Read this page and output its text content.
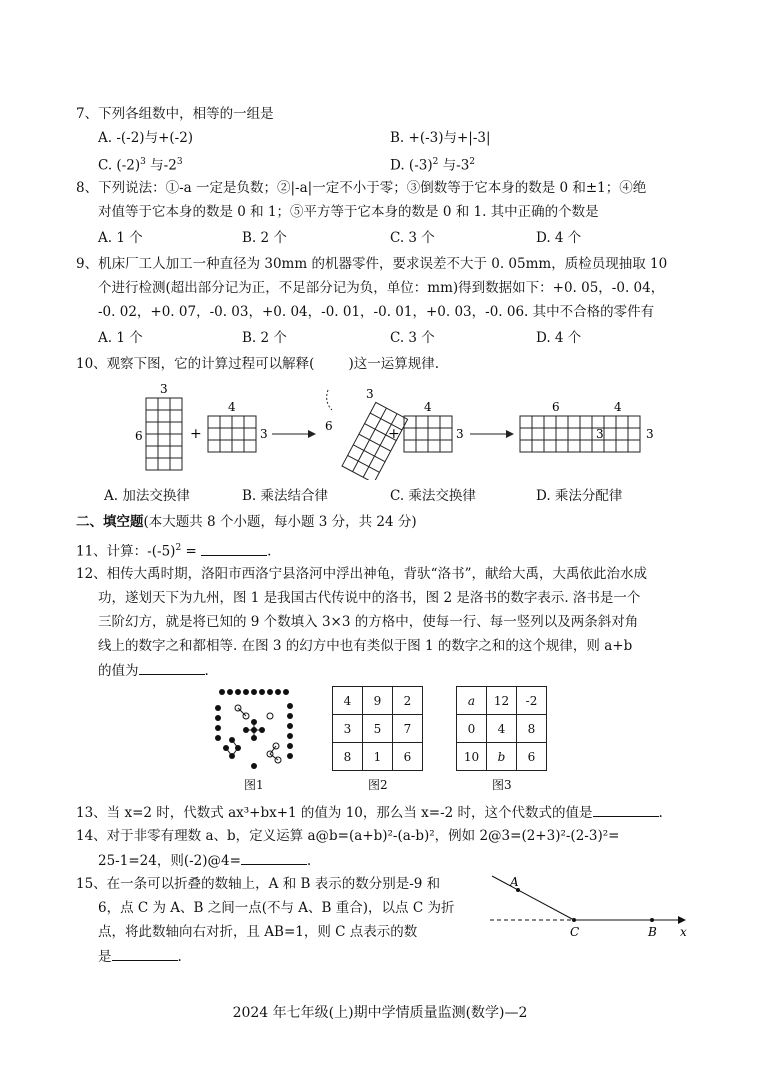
7、下列各组数中，相等的一组是
A. -(-2)与+(-2)	B. +(-3)与+|-3|
C. $(-2)^3$ 与$-2^3$	D. $(-3)^2$ 与$-3^2$
8、下列说法：①-a 一定是负数；②|-a|一定不小于零；③倒数等于它本身的数是 0 和±1；④绝
对值等于它本身的数是 0 和 1；⑤平方等于它本身的数是 0 和 1. 其中正确的个数是
A. 1 个	B. 2 个	C. 3 个	D. 4 个
9、机床厂工人加工一种直径为 30mm 的机器零件，要求误差不大于 0. 05mm，质检员现抽取 10
个进行检测(超出部分记为正，不足部分记为负，单位：mm)得到数据如下：+0. 05，-0. 04，
-0. 02，+0. 07，-0. 03，+0. 04，-0. 01，-0. 01，+0. 03，-0. 06. 其中不合格的零件有
A. 1 个	B. 2 个	C. 3 个	D. 4 个
10、观察下图，它的计算过程可以解释(	)这一运算规律.
3
6	+
4
3
3
6	+
4
3
6	4
3	3
A. 加法交换律	B. 乘法结合律	C. 乘法交换律	D. 乘法分配律
二、填空题(本大题共 8 个小题，每小题 3 分，共 24 分)
11、计算：$-(-5)^2$ =	.
12、相传大禹时期，洛阳市西洛宁县洛河中浮出神龟，背驮“洛书”，献给大禹，大禹依此治水成
功，遂划天下为九州，图 1 是我国古代传说中的洛书，图 2 是洛书的数字表示. 洛书是一个
三阶幻方，就是将已知的 9 个数填入 3×3 的方格中，使每一行、每一竖列以及两条斜对角
线上的数字之和都相等. 在图 3 的幻方中也有类似于图 1 的数字之和的这个规律，则 a+b
的值为	.
图1
4	9	2
3	5	7
8	1	6
图2
a	12	-2
0	4	8
10	b	6
图3
13、当 x=2 时，代数式 ax³+bx+1 的值为 10，那么当 x=-2 时，这个代数式的值是	.
14、对于非零有理数 a、b，定义运算 a@b=(a+b)²-(a-b)²，例如 2@3=(2+3)²-(2-3)²=
25-1=24，则(-2)@4=	.
15、在一条可以折叠的数轴上，A 和 B 表示的数分别是-9 和
6，点 C 为 A、B 之间一点(不与 A、B 重合)，以点 C 为折
点，将此数轴向右对折，且 AB=1，则 C 点表示的数
是	.
A
C	B x
2024 年七年级(上)期中学情质量监测(数学)—2
